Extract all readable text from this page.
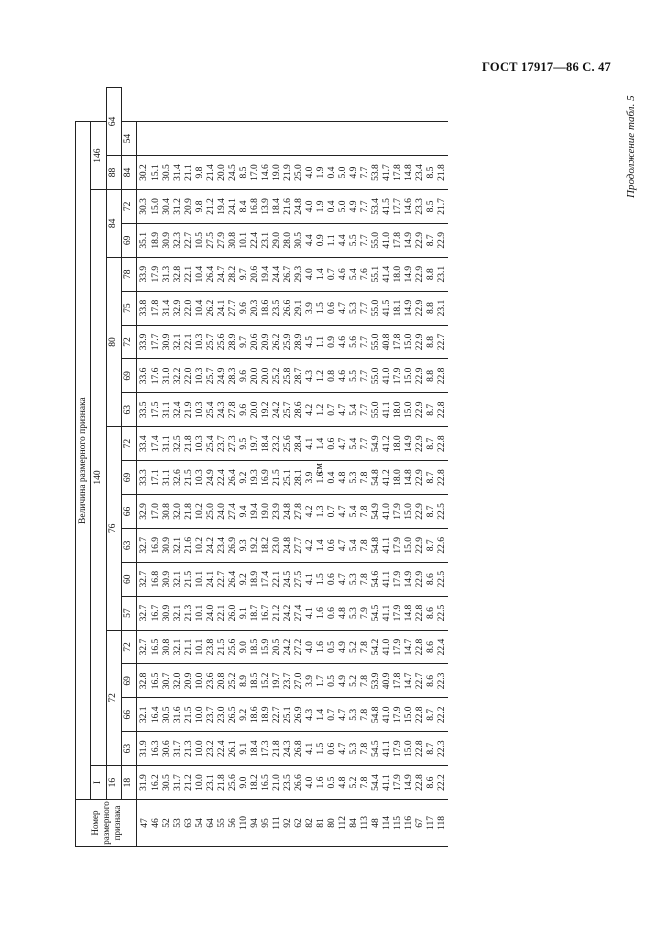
ГОСТ 17917—86 С. 47
Продолжение табл. 5
см
Номер размерного признака	Величина размерного признака																			
	I	140																	146	
	16	72				76						80					84		88	64
	18	63	66	69	72	57	60	63	66	69	72	63	69	72	75	78	69	72	84	54
47	31.9	31.9	32.1	32.8	32.7	32.7	32.7	32.7	32.9	33.3	33.4	33.5	33.6	33.9	33.8	33.9	35.1	30.3	30.2	
46	16.2	16.3	16.4	16.5	16.5	16.7	16.8	16.9	17.0	17.1	17.4	17.5	17.6	17.7	17.8	17.9	18.9	15.0	15.1	
52	30.5	30.6	30.5	30.7	30.8	30.9	30.9	30.9	30.8	31.1	31.1	31.1	31.0	30.9	31.4	31.3	30.9	30.4	30.5	
53	31.7	31.7	31.6	32.0	32.1	32.1	32.1	32.1	32.0	32.6	32.5	32.4	32.2	32.1	32.9	32.8	32.3	31.2	31.4	
63	21.2	21.3	21.5	20.9	21.1	21.3	21.5	21.6	21.8	21.5	21.8	21.9	22.0	22.1	22.0	22.1	22.7	20.9	21.1	
54	10.0	10.0	10.0	10.0	10.1	10.1	10.1	10.2	10.2	10.3	10.3	10.3	10.3	10.3	10.4	10.4	10.5	9.8	9.8	
64	23.1	23.2	23.7	23.6	23.8	24.0	24.1	24.2	25.0	24.9	25.4	25.4	25.7	25.7	26.2	26.4	27.5	21.2	21.4	
55	21.8	22.4	23.0	20.8	21.5	22.1	22.7	23.4	24.0	22.4	23.7	24.3	24.9	25.6	24.1	24.7	27.9	19.4	20.0	
56	25.6	26.1	26.5	25.2	25.6	26.0	26.4	26.9	27.4	26.4	27.3	27.8	28.3	28.9	27.7	28.2	30.8	24.1	24.5	
110	9.0	9.1	9.2	8.9	9.0	9.1	9.2	9.3	9.4	9.2	9.5	9.6	9.6	9.7	9.6	9.7	10.1	8.4	8.5	
94	18.2	18.4	18.6	18.5	18.5	18.7	18.9	19.2	19.4	19.3	19.7	20.0	20.0	20.6	20.3	20.6	22.4	16.8	17.0	
95	16.5	17.3	18.9	15.2	15.9	16.7	17.4	18.2	19.0	16.9	18.4	19.2	20.0	20.9	18.6	19.4	23.1	13.9	14.6	
111	21.0	21.8	22.7	19.7	20.5	21.2	22.1	23.0	23.9	21.5	23.2	24.2	25.2	26.2	23.5	24.4	29.0	18.4	19.0	
92	23.5	24.3	25.1	23.7	24.2	24.2	24.5	24.8	24.8	25.1	25.6	25.7	25.8	25.9	26.6	26.7	28.0	21.6	21.9	
62	26.6	26.8	26.9	27.0	27.2	27.4	27.5	27.7	27.8	28.1	28.4	28.6	28.7	28.9	29.1	29.3	30.5	24.8	25.0	
82	4.0	4.1	4.3	3.9	4.0	4.1	4.1	4.2	4.2	3.9	4.1	4.2	4.3	4.5	3.9	4.0	4.4	4.0	4.0	
81	1.6	1.5	1.4	1.7	1.6	1.6	1.5	1.4	1.3	1.6	1.4	1.2	1.2	1.1	1.5	1.4	0.9	1.9	1.9	
80	0.5	0.6	0.7	0.5	0.5	0.6	0.6	0.6	0.7	0.4	0.6	0.7	0.8	0.9	0.6	0.7	1.1	0.4	0.4	
112	4.8	4.7	4.7	4.9	4.9	4.8	4.7	4.7	4.7	4.8	4.7	4.7	4.6	4.6	4.7	4.6	4.4	5.0	5.0	
84	5.2	5.3	5.3	5.2	5.2	5.3	5.3	5.4	5.4	5.3	5.4	5.4	5.5	5.6	5.3	5.4	5.5	4.9	4.9	
113	7.8	7.8	7.8	7.8	7.8	7.9	7.8	7.8	7.8	7.8	7.7	7.7	7.7	7.7	7.7	7.6	7.7	7.7	7.7	
48	54.4	54.5	54.8	53.9	54.2	54.5	54.6	54.8	54.9	54.8	54.9	55.0	55.0	55.0	55.0	55.1	55.0	53.4	53.8	
114	41.1	41.1	41.0	40.9	41.0	41.1	41.1	41.1	41.0	41.2	41.2	41.1	41.0	40.8	41.5	41.4	41.0	41.5	41.7	
115	17.9	17.9	17.9	17.8	17.9	17.9	17.9	17.9	17.9	18.0	18.0	18.0	17.9	17.8	18.1	18.0	17.8	17.7	17.8	
116	14.9	15.0	15.0	14.7	14.7	14.8	14.9	15.0	15.0	14.8	14.9	15.0	15.0	15.0	14.9	14.9	14.9	14.6	14.8	
67	22.8	22.8	22.8	22.7	22.8	22.8	22.9	22.9	22.9	22.9	22.9	22.9	22.9	22.9	22.9	22.9	22.9	23.3	23.4	
117	8.6	8.7	8.7	8.6	8.6	8.6	8.6	8.7	8.7	8.7	8.7	8.7	8.8	8.8	8.8	8.8	8.7	8.5	8.5	
118	22.2	22.3	22.2	22.3	22.4	22.5	22.5	22.6	22.5	22.8	22.8	22.8	22.8	22.7	23.1	23.1	22.9	21.7	21.8	
